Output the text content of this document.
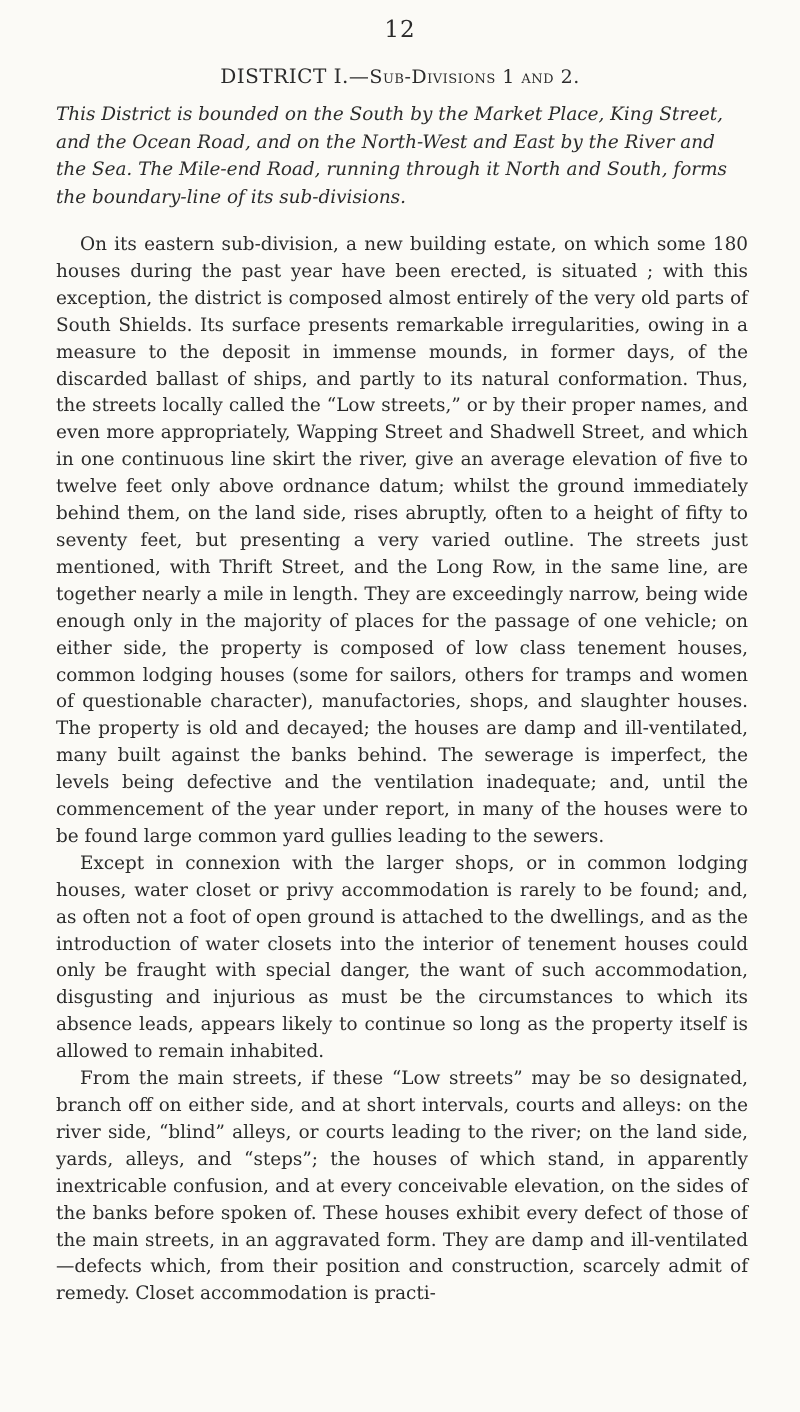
12
DISTRICT I.—Sub-Divisions 1 and 2.
This District is bounded on the South by the Market Place, King Street, and the Ocean Road, and on the North-West and East by the River and the Sea. The Mile-end Road, running through it North and South, forms the boundary-line of its sub-divisions.

On its eastern sub-division, a new building estate, on which some 180 houses during the past year have been erected, is situated ; with this exception, the district is composed almost entirely of the very old parts of South Shields. Its surface presents remarkable irregularities, owing in a measure to the deposit in immense mounds, in former days, of the discarded ballast of ships, and partly to its natural conformation. Thus, the streets locally called the “Low streets,” or by their proper names, and even more appropriately, Wapping Street and Shadwell Street, and which in one continuous line skirt the river, give an average elevation of five to twelve feet only above ordnance datum; whilst the ground immediately behind them, on the land side, rises abruptly, often to a height of fifty to seventy feet, but presenting a very varied outline. The streets just mentioned, with Thrift Street, and the Long Row, in the same line, are together nearly a mile in length. They are exceedingly narrow, being wide enough only in the majority of places for the passage of one vehicle; on either side, the property is composed of low class tenement houses, common lodging houses (some for sailors, others for tramps and women of questionable character), manufactories, shops, and slaughter houses. The property is old and decayed; the houses are damp and ill-ventilated, many built against the banks behind. The sewerage is imperfect, the levels being defective and the ventilation inadequate; and, until the commencement of the year under report, in many of the houses were to be found large common yard gullies leading to the sewers.

Except in connexion with the larger shops, or in common lodging houses, water closet or privy accommodation is rarely to be found; and, as often not a foot of open ground is attached to the dwellings, and as the introduction of water closets into the interior of tenement houses could only be fraught with special danger, the want of such accommodation, disgusting and injurious as must be the circumstances to which its absence leads, appears likely to continue so long as the property itself is allowed to remain inhabited.

From the main streets, if these “Low streets” may be so designated, branch off on either side, and at short intervals, courts and alleys: on the river side, “blind” alleys, or courts leading to the river; on the land side, yards, alleys, and “steps”; the houses of which stand, in apparently inextricable confusion, and at every conceivable elevation, on the sides of the banks before spoken of. These houses exhibit every defect of those of the main streets, in an aggravated form. They are damp and ill-ventilated—defects which, from their position and construction, scarcely admit of remedy. Closet accommodation is practi-
